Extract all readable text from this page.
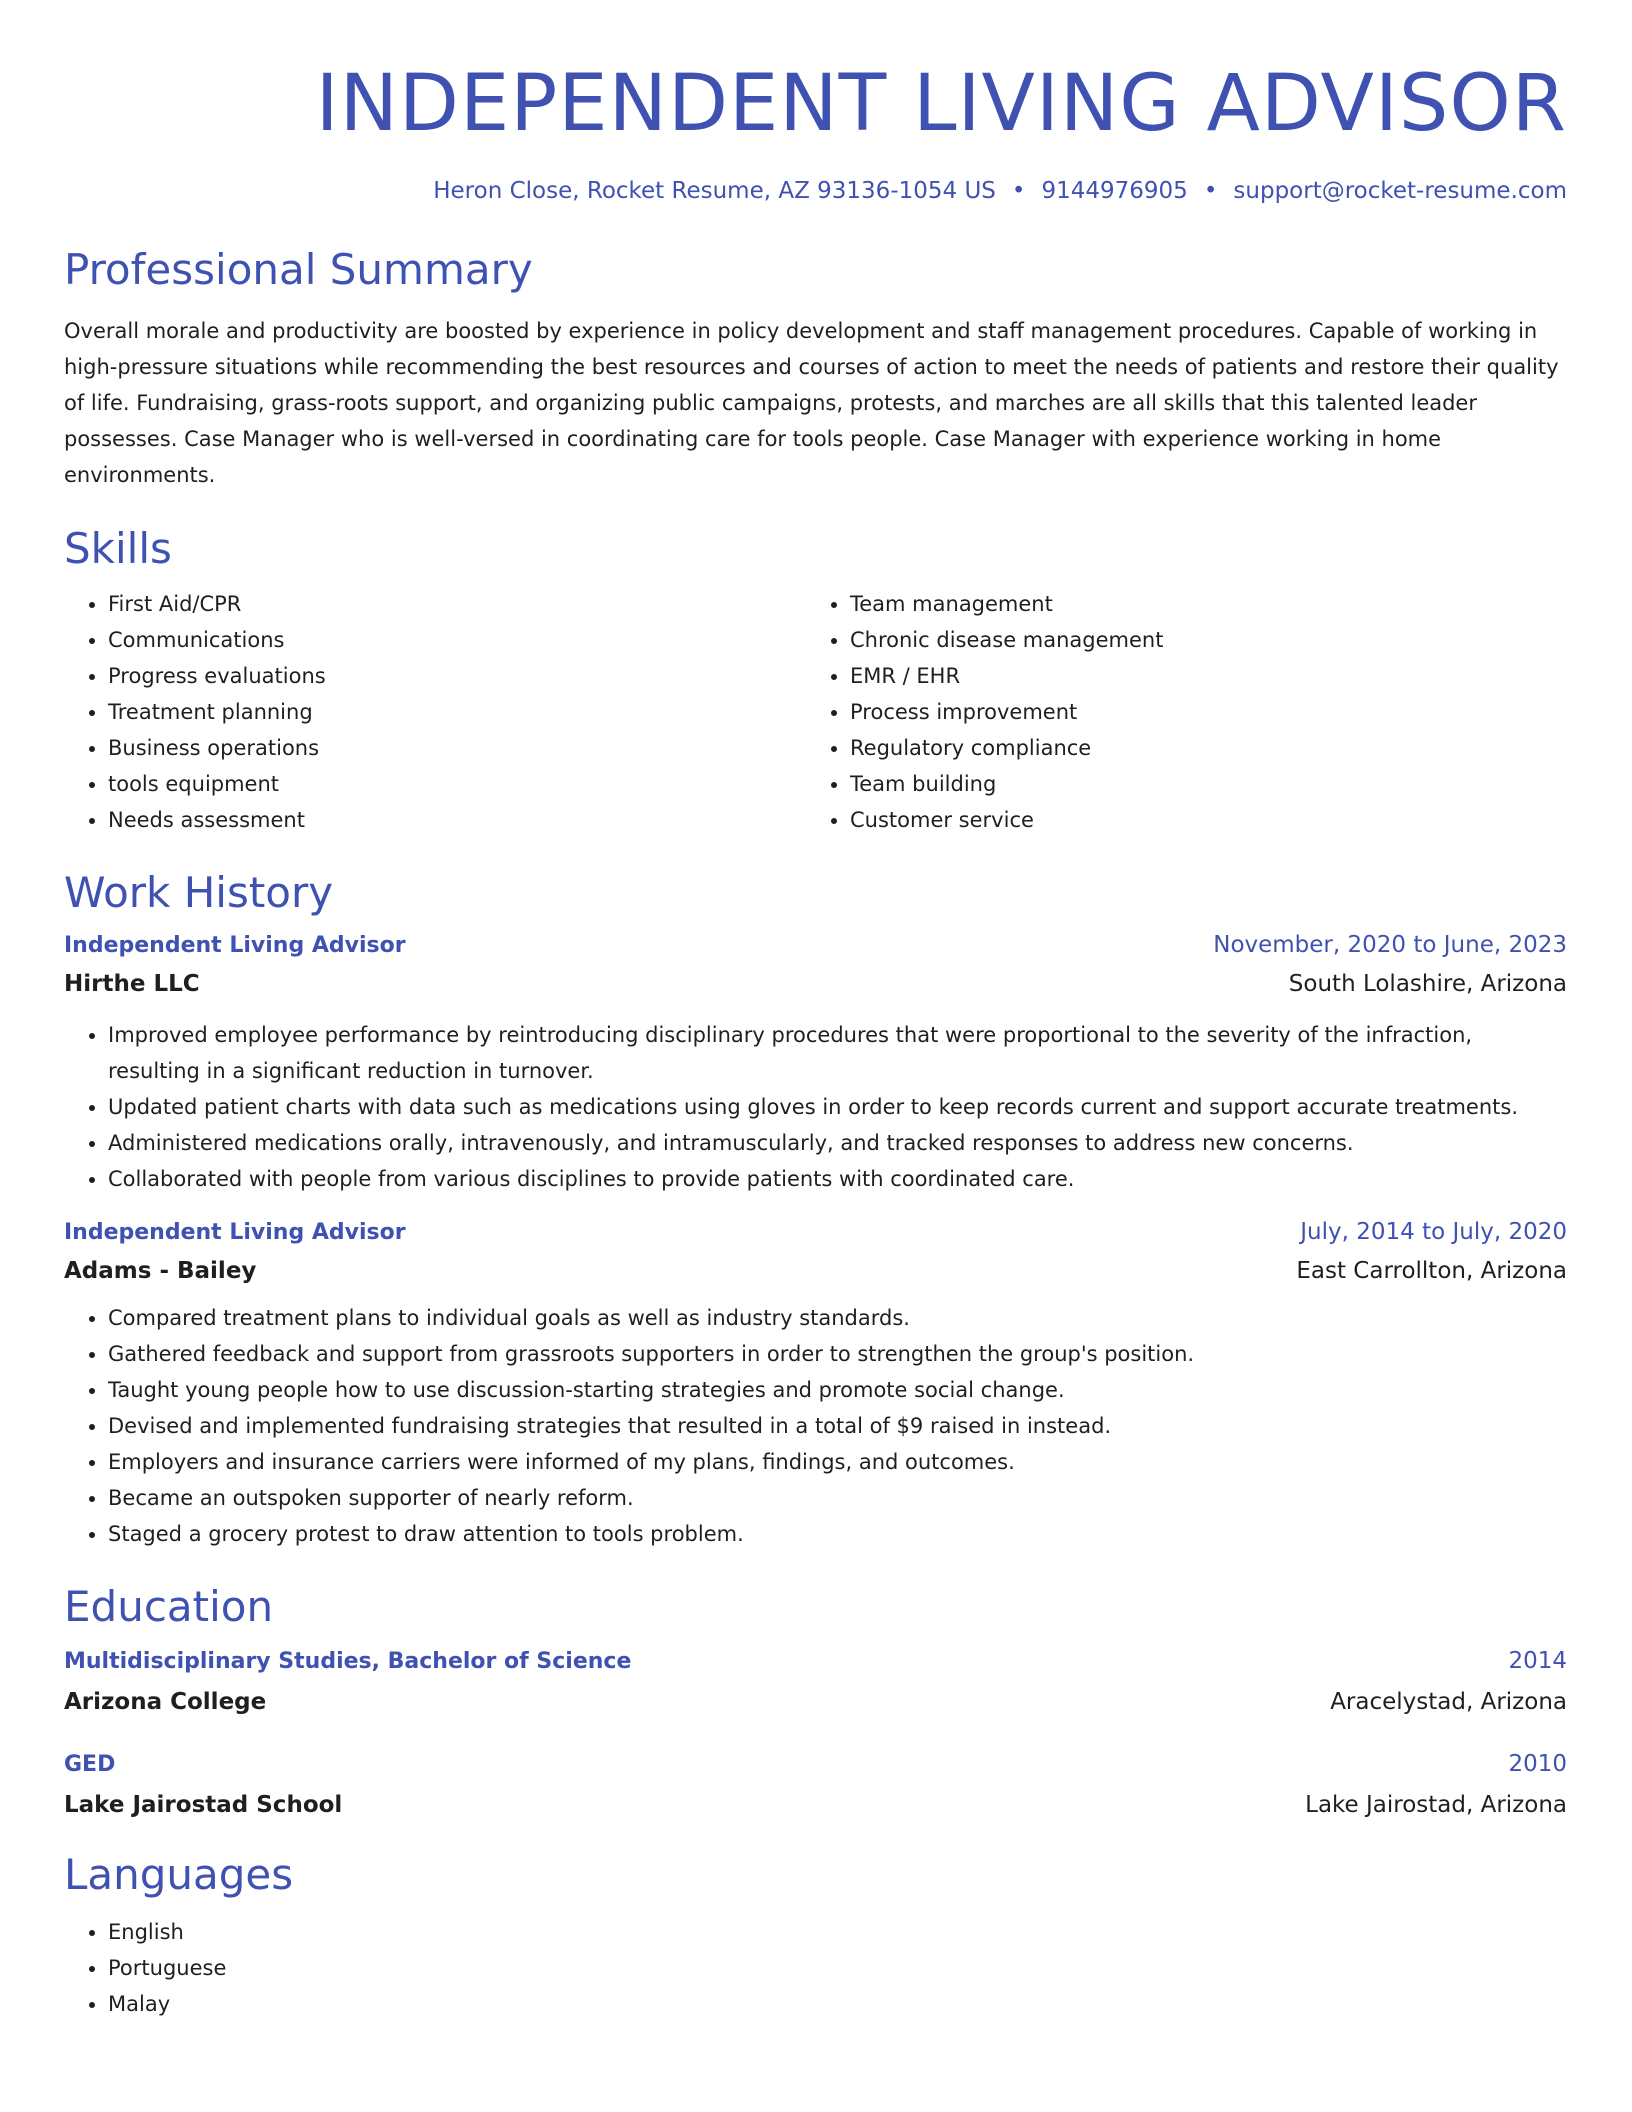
INDEPENDENT LIVING ADVISOR
Heron Close, Rocket Resume, AZ 93136-1054 US • 9144976905 • support@rocket-resume.com
Professional Summary

Overall morale and productivity are boosted by experience in policy development and staff management procedures. Capable of working in high-pressure situations while recommending the best resources and courses of action to meet the needs of patients and restore their quality of life. Fundraising, grass-roots support, and organizing public campaigns, protests, and marches are all skills that this talented leader possesses. Case Manager who is well-versed in coordinating care for tools people. Case Manager with experience working in home environments.

Skills
• First Aid/CPR
• Communications
• Progress evaluations
• Treatment planning
• Business operations
• tools equipment
• Needs assessment
• Team management
• Chronic disease management
• EMR / EHR
• Process improvement
• Regulatory compliance
• Team building
• Customer service
Work History
Independent Living Advisor	November, 2020 to June, 2023
Hirthe LLC	South Lolashire, Arizona
• Improved employee performance by reintroducing disciplinary procedures that were proportional to the severity of the infraction, resulting in a significant reduction in turnover.
• Updated patient charts with data such as medications using gloves in order to keep records current and support accurate treatments.
• Administered medications orally, intravenously, and intramuscularly, and tracked responses to address new concerns.
• Collaborated with people from various disciplines to provide patients with coordinated care.
Independent Living Advisor	July, 2014 to July, 2020
Adams - Bailey	East Carrollton, Arizona
• Compared treatment plans to individual goals as well as industry standards.
• Gathered feedback and support from grassroots supporters in order to strengthen the group's position.
• Taught young people how to use discussion-starting strategies and promote social change.
• Devised and implemented fundraising strategies that resulted in a total of $9 raised in instead.
• Employers and insurance carriers were informed of my plans, findings, and outcomes.
• Became an outspoken supporter of nearly reform.
• Staged a grocery protest to draw attention to tools problem.
Education
Multidisciplinary Studies, Bachelor of Science	2014
Arizona College	Aracelystad, Arizona
GED	2010
Lake Jairostad School	Lake Jairostad, Arizona
Languages
• English
• Portuguese
• Malay
